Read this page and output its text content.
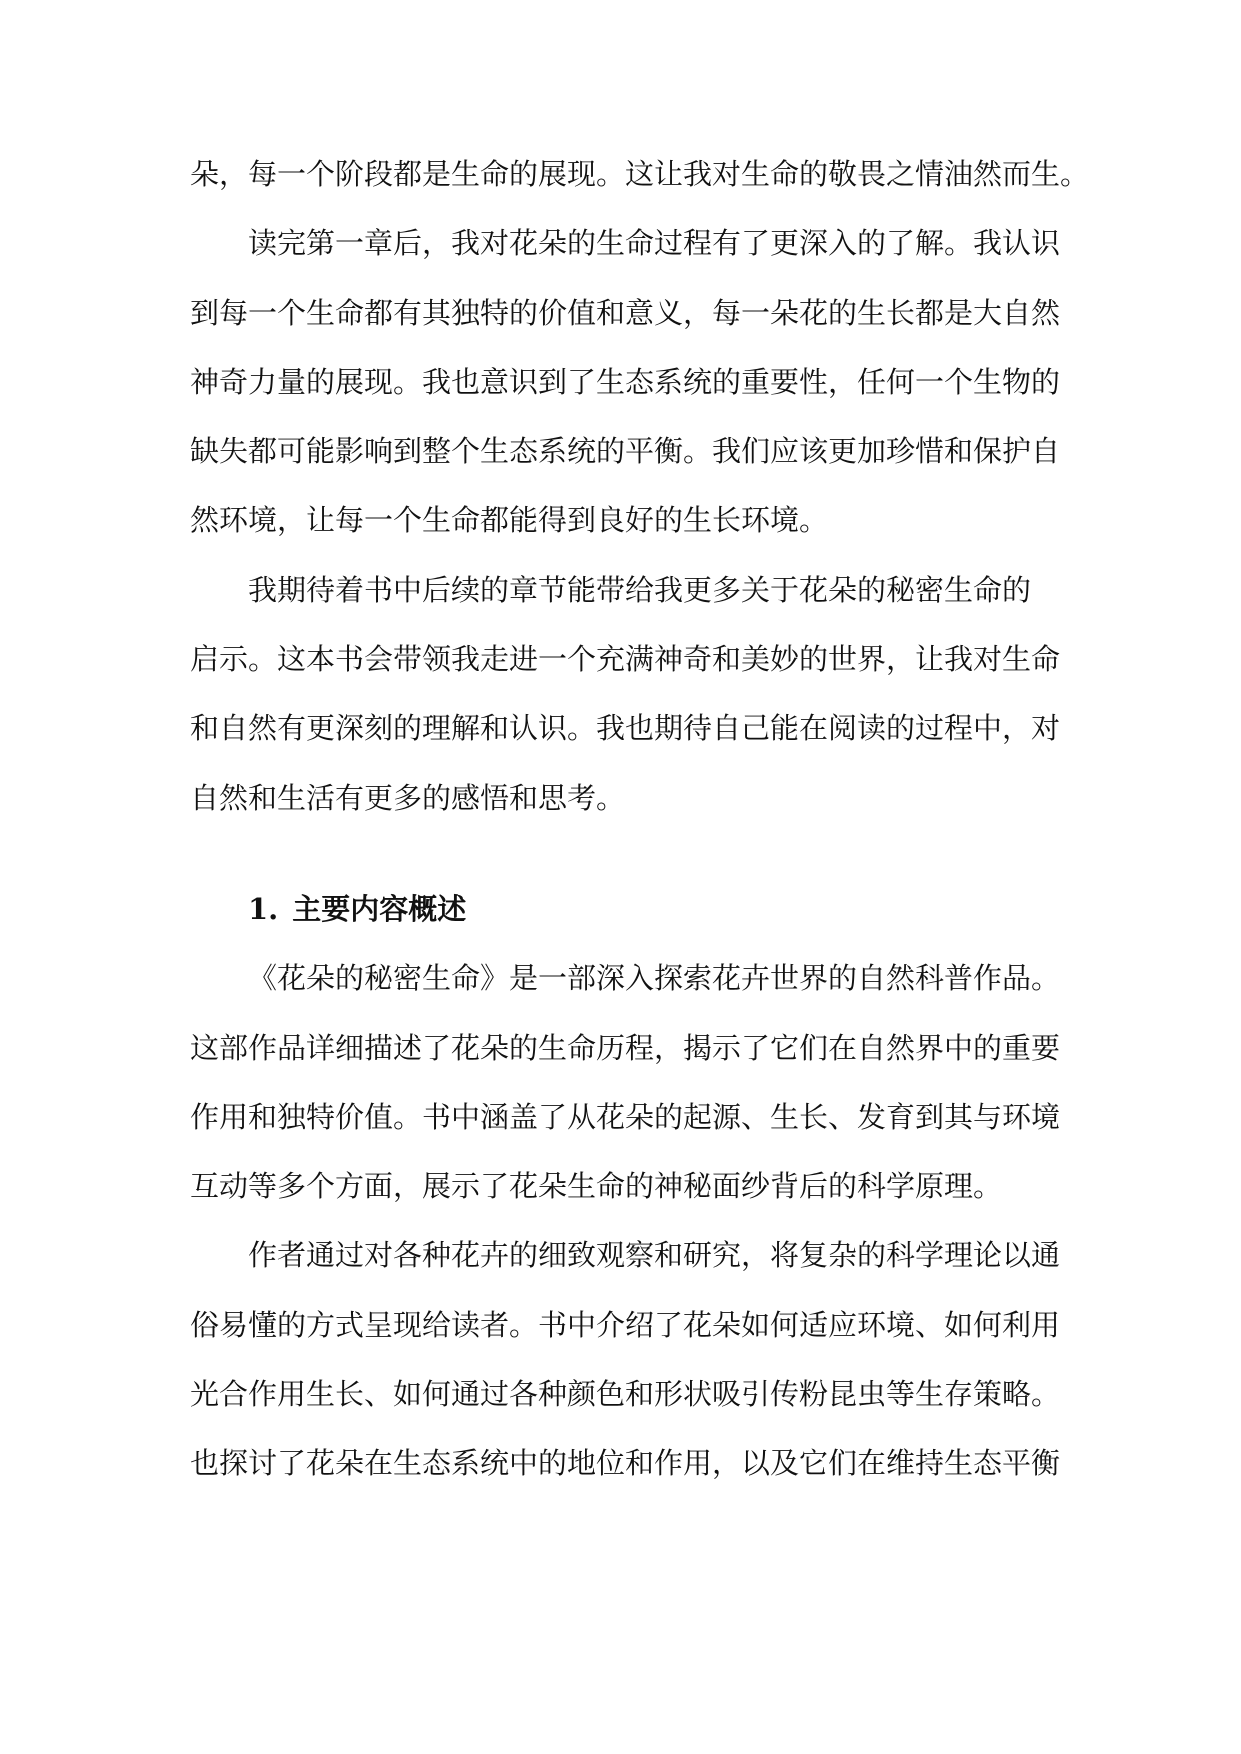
朵，每一个阶段都是生命的展现。这让我对生命的敬畏之情油然而生。
读完第一章后，我对花朵的生命过程有了更深入的了解。我认识
到每一个生命都有其独特的价值和意义，每一朵花的生长都是大自然
神奇力量的展现。我也意识到了生态系统的重要性，任何一个生物的
缺失都可能影响到整个生态系统的平衡。我们应该更加珍惜和保护自
然环境，让每一个生命都能得到良好的生长环境。
我期待着书中后续的章节能带给我更多关于花朵的秘密生命的
启示。这本书会带领我走进一个充满神奇和美妙的世界，让我对生命
和自然有更深刻的理解和认识。我也期待自己能在阅读的过程中，对
自然和生活有更多的感悟和思考。
1. 主要内容概述
《花朵的秘密生命》是一部深入探索花卉世界的自然科普作品。
这部作品详细描述了花朵的生命历程，揭示了它们在自然界中的重要
作用和独特价值。书中涵盖了从花朵的起源、生长、发育到其与环境
互动等多个方面，展示了花朵生命的神秘面纱背后的科学原理。
作者通过对各种花卉的细致观察和研究，将复杂的科学理论以通
俗易懂的方式呈现给读者。书中介绍了花朵如何适应环境、如何利用
光合作用生长、如何通过各种颜色和形状吸引传粉昆虫等生存策略。
也探讨了花朵在生态系统中的地位和作用，以及它们在维持生态平衡
